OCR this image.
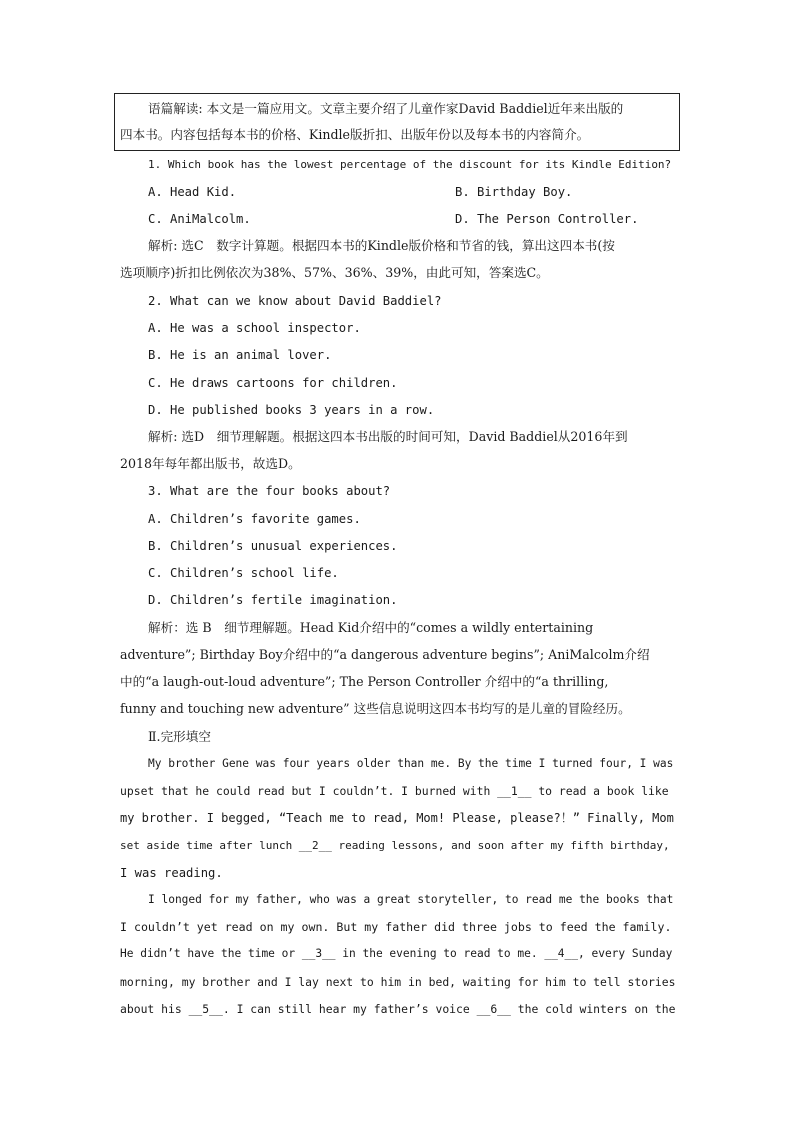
语篇解读: 本文是一篇应用文。文章主要介绍了儿童作家David Baddiel近年来出版的
四本书。内容包括每本书的价格、Kindle版折扣、出版年份以及每本书的内容简介。
1. Which book has the lowest percentage of the discount for its Kindle Edition?
A. Head Kid.	B. Birthday Boy.
C. AniMalcolm.	D. The Person Controller.
解析: 选C　数字计算题。根据四本书的Kindle版价格和节省的钱，算出这四本书(按
选项顺序)折扣比例依次为38%、57%、36%、39%，由此可知，答案选C。
2. What can we know about David Baddiel?
A. He was a school inspector.
B. He is an animal lover.
C. He draws cartoons for children.
D. He published books 3 years in a row.
解析: 选D　细节理解题。根据这四本书出版的时间可知，David Baddiel从2016年到
2018年每年都出版书，故选D。
3. What are the four books about?
A. Children’s favorite games.
B. Children’s unusual experiences.
C. Children’s school life.
D. Children’s fertile imagination.
解析：选 B　细节理解题。Head Kid介绍中的“comes a wildly entertaining
adventure”; Birthday Boy介绍中的“a dangerous adventure begins”; AniMalcolm介绍
中的“a laugh-out-loud adventure”; The Person Controller 介绍中的“a thrilling,
funny and touching new adventure” 这些信息说明这四本书均写的是儿童的冒险经历。
Ⅱ.完形填空
My brother Gene was four years older than me. By the time I turned four, I was
upset that he could read but I couldn’t. I burned with __1__ to read a book like
my brother. I begged, “Teach me to read, Mom! Please, please?！” Finally, Mom
set aside time after lunch __2__ reading lessons, and soon after my fifth birthday,
I was reading.
I longed for my father, who was a great storyteller, to read me the books that
I couldn’t yet read on my own. But my father did three jobs to feed the family.
He didn’t have the time or __3__ in the evening to read to me. __4__, every Sunday
morning, my brother and I lay next to him in bed, waiting for him to tell stories
about his __5__. I can still hear my father’s voice __6__ the cold winters on the
